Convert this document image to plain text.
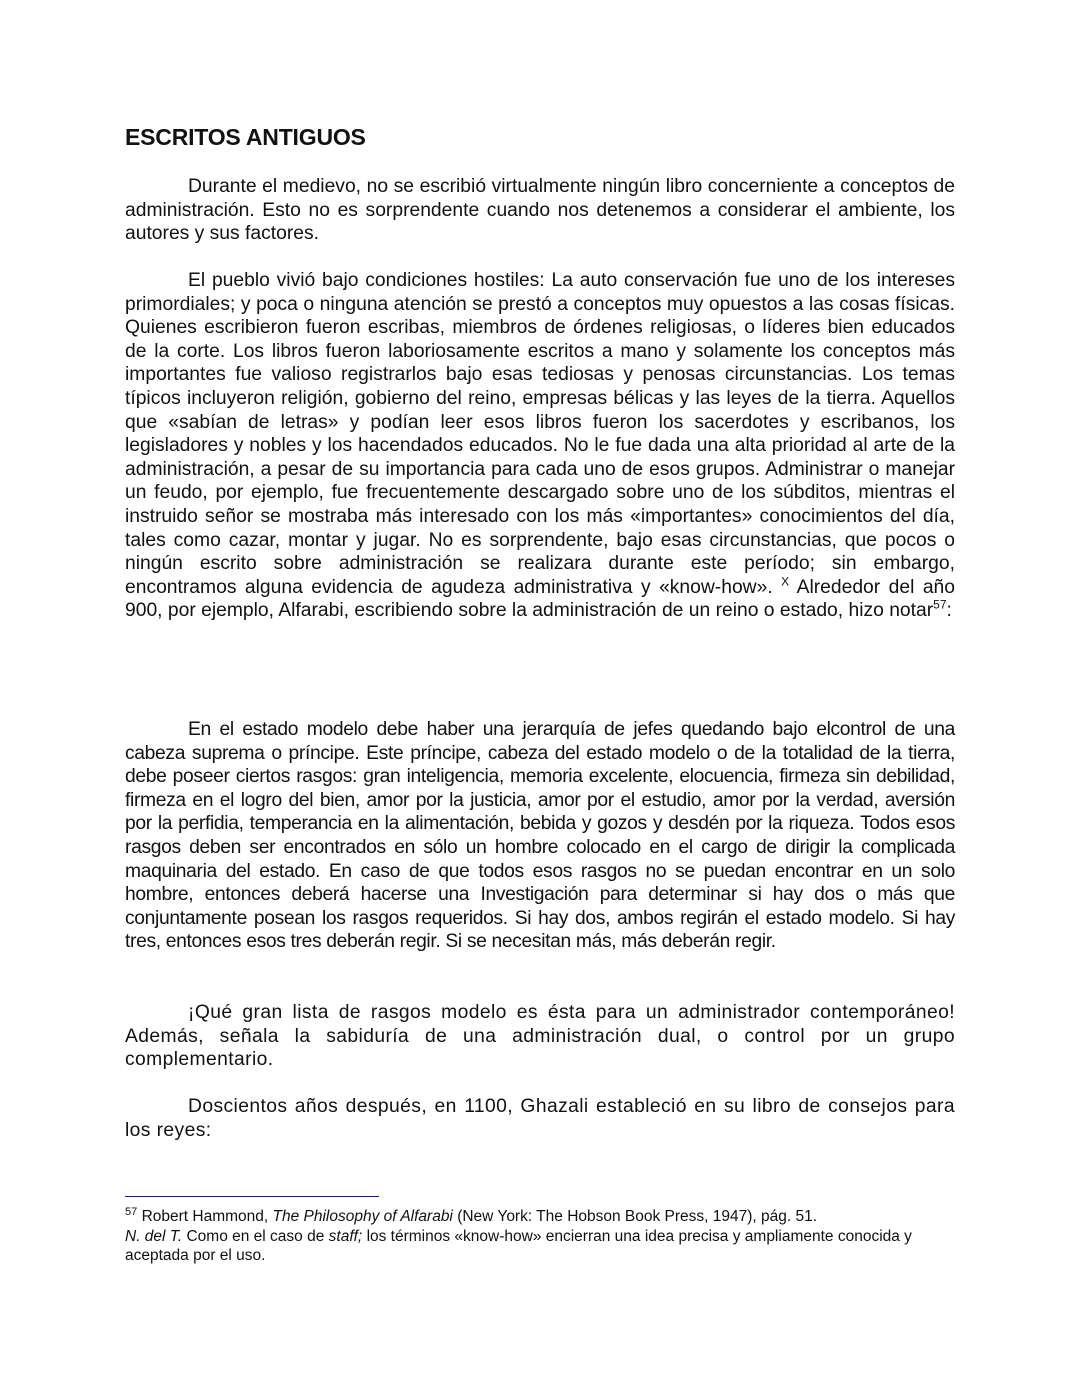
ESCRITOS ANTIGUOS

Durante el medievo, no se escribió virtualmente ningún libro concerniente a conceptos de administración. Esto no es sorprendente cuando nos detenemos a considerar el ambiente, los autores y sus factores.

El pueblo vivió bajo condiciones hostiles: La auto conservación fue uno de los intereses primordiales; y poca o ninguna atención se prestó a conceptos muy opuestos a las cosas físicas. Quienes escribieron fueron escribas, miembros de órdenes religiosas, o líderes bien educados de la corte. Los libros fueron laboriosamente escritos a mano y solamente los conceptos más importantes fue valioso registrarlos bajo esas tediosas y penosas circunstancias. Los temas típicos incluyeron religión, gobierno del reino, empresas bélicas y las leyes de la tierra. Aquellos que «sabían de letras» y podían leer esos libros fueron los sacerdotes y escribanos, los legisladores y nobles y los hacendados educados. No le fue dada una alta prioridad al arte de la administración, a pesar de su importancia para cada uno de esos grupos. Administrar o manejar un feudo, por ejemplo, fue frecuentemente descargado sobre uno de los súbditos, mientras el instruido señor se mostraba más interesado con los más «importantes» conocimientos del día, tales como cazar, montar y jugar. No es sorprendente, bajo esas circunstancias, que pocos o ningún escrito sobre administración se realizara durante este período; sin embargo, encontramos alguna evidencia de agudeza administrativa y «know-how». $^X$ Alrededor del año 900, por ejemplo, Alfarabi, escribiendo sobre la administración de un reino o estado, hizo notar$^{57}$:

En el estado modelo debe haber una jerarquía de jefes quedando bajo elcontrol de una cabeza suprema o príncipe. Este príncipe, cabeza del estado modelo o de la totalidad de la tierra, debe poseer ciertos rasgos: gran inteligencia, memoria excelente, elocuencia, firmeza sin debilidad, firmeza en el logro del bien, amor por la justicia, amor por el estudio, amor por la verdad, aversión por la perfidia, temperancia en la alimentación, bebida y gozos y desdén por la riqueza. Todos esos rasgos deben ser encontrados en sólo un hombre colocado en el cargo de dirigir la complicada maquinaria del estado. En caso de que todos esos rasgos no se puedan encontrar en un solo hombre, entonces deberá hacerse una Investigación para determinar si hay dos o más que conjuntamente posean los rasgos requeridos. Si hay dos, ambos regirán el estado modelo. Si hay tres, entonces esos tres deberán regir. Si se necesitan más, más deberán regir.

¡Qué gran lista de rasgos modelo es ésta para un administrador contemporáneo! Además, señala la sabiduría de una administración dual, o control por un grupo complementario.

Doscientos años después, en 1100, Ghazali estableció en su libro de consejos para los reyes:

$^{57}$ Robert Hammond, The Philosophy of Alfarabi (New York: The Hobson Book Press, 1947), pág. 51.

N. del T. Como en el caso de staff; los términos «know-how» encierran una idea precisa y ampliamente conocida y aceptada por el uso.
